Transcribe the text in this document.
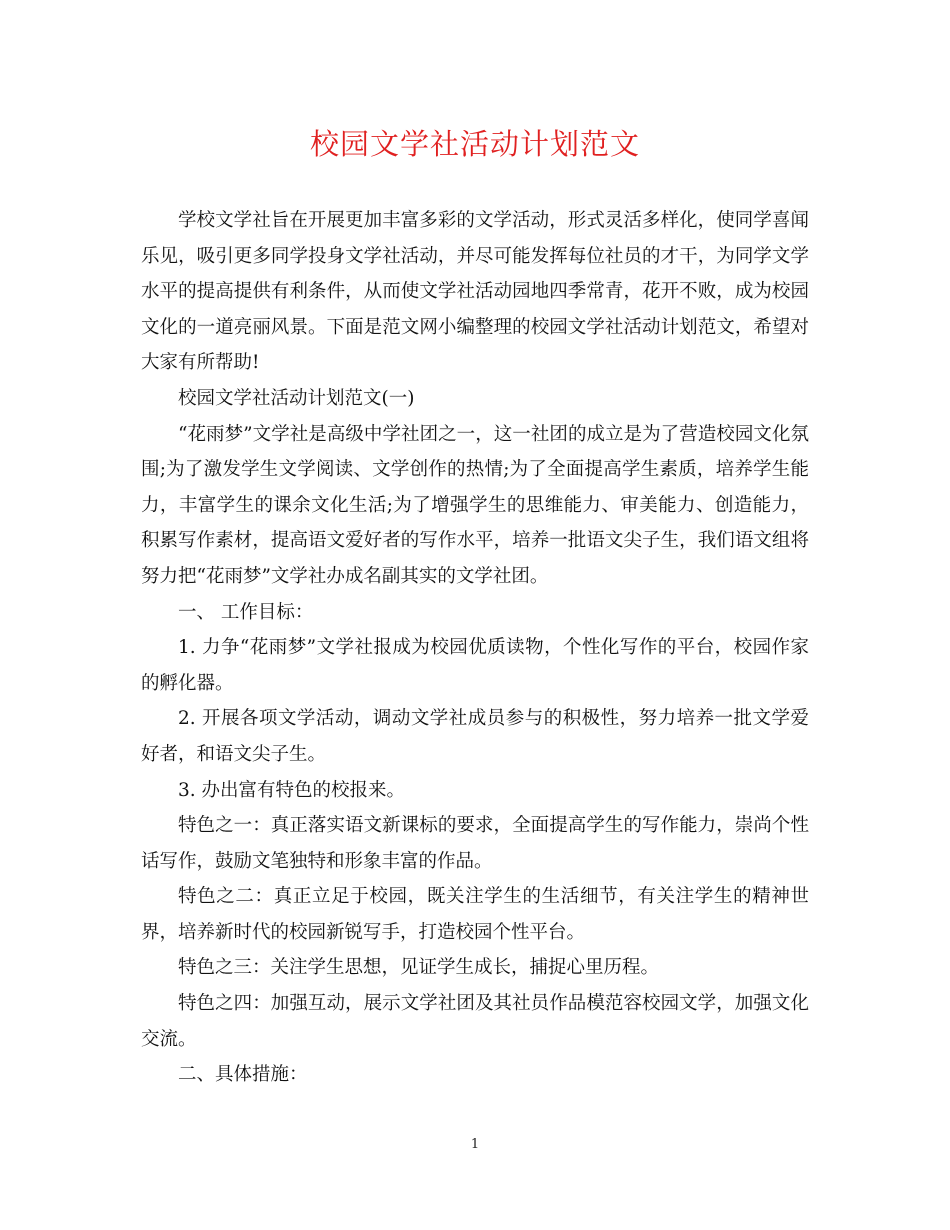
校园文学社活动计划范文

学校文学社旨在开展更加丰富多彩的文学活动，形式灵活多样化，使同学喜闻乐见，吸引更多同学投身文学社活动，并尽可能发挥每位社员的才干，为同学文学水平的提高提供有利条件，从而使文学社活动园地四季常青，花开不败，成为校园文化的一道亮丽风景。下面是范文网小编整理的校园文学社活动计划范文，希望对大家有所帮助!

校园文学社活动计划范文(一)

“花雨梦”文学社是高级中学社团之一，这一社团的成立是为了营造校园文化氛围;为了激发学生文学阅读、文学创作的热情;为了全面提高学生素质，培养学生能力，丰富学生的课余文化生活;为了增强学生的思维能力、审美能力、创造能力，积累写作素材，提高语文爱好者的写作水平，培养一批语文尖子生，我们语文组将努力把“花雨梦”文学社办成名副其实的文学社团。

一、 工作目标：

1. 力争“花雨梦”文学社报成为校园优质读物，个性化写作的平台，校园作家的孵化器。

2. 开展各项文学活动，调动文学社成员参与的积极性，努力培养一批文学爱好者，和语文尖子生。

3. 办出富有特色的校报来。

特色之一：真正落实语文新课标的要求，全面提高学生的写作能力，崇尚个性话写作，鼓励文笔独特和形象丰富的作品。

特色之二：真正立足于校园，既关注学生的生活细节，有关注学生的精神世界，培养新时代的校园新锐写手，打造校园个性平台。

特色之三：关注学生思想，见证学生成长，捕捉心里历程。

特色之四：加强互动，展示文学社团及其社员作品模范容校园文学，加强文化交流。

二、具体措施：

1
